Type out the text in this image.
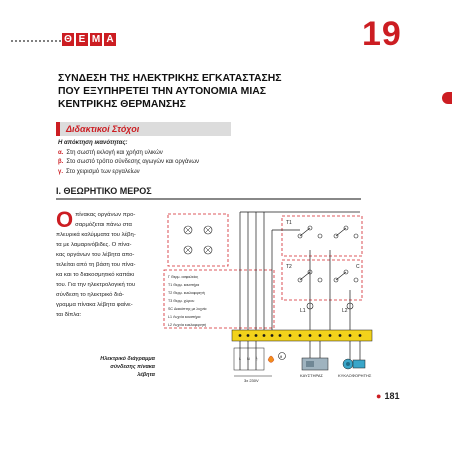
Θ Ε Μ Α	19
ΣΥΝΔΕΣΗ ΤΗΣ ΗΛΕΚΤΡΙΚΗΣ ΕΓΚΑΤΑΣΤΑΣΗΣ
ΠΟΥ ΕΞΥΠΗΡΕΤΕΙ ΤΗΝ ΑΥΤΟΝΟΜΙΑ ΜΙΑΣ
ΚΕΝΤΡΙΚΗΣ ΘΕΡΜΑΝΣΗΣ
Διδακτικοί Στόχοι
Η απόκτηση ικανότητας:
α. Στη σωστή εκλογή και χρήση υλικών
β. Στο σωστό τρόπο σύνδεσης αγωγών και οργάνων
γ. Στο χειρισμό των εργαλείων
Ι. ΘΕΩΡΗΤΙΚΟ ΜΕΡΟΣ
Ο πίνακας οργάνων προ-
σαρμόζεται πάνω στα
πλευρικά καλύμματα του λέβη-
τα με λαμαρινόβιδες. Ο πίνα-
κας οργάνων του λέβητα απο-
τελείται από τη βάση του πίνα-
κα και το διακοσμητικό καπάκι
του. Για την ηλεκτρολογική του
σύνδεση το ηλεκτρικό διά-
γραμμα πίνακα λέβητα φαίνε-
ται δίπλα:
Ηλεκτρικό διάγραμμα
σύνδεσης πίνακα
λέβητα
T1
T2	C
L1	L2
Γ Θερμ. ασφαλείας
Τ1 Θερμ. καυστήρα
Τ2 Θερμ. κυκλοφορητή
Τ3 Θερμ. χώρου
SC Διακόπτης με λυχνία
L1 Λυχνία καυστήρα
L2 Λυχνία κυκλοφορητή
L N ⏚
3x 230V
θ
ΚΑΥΣΤΗΡΑΣ	ΚΥΚΛΟΦΟΡΗΤΗΣ
● 181
